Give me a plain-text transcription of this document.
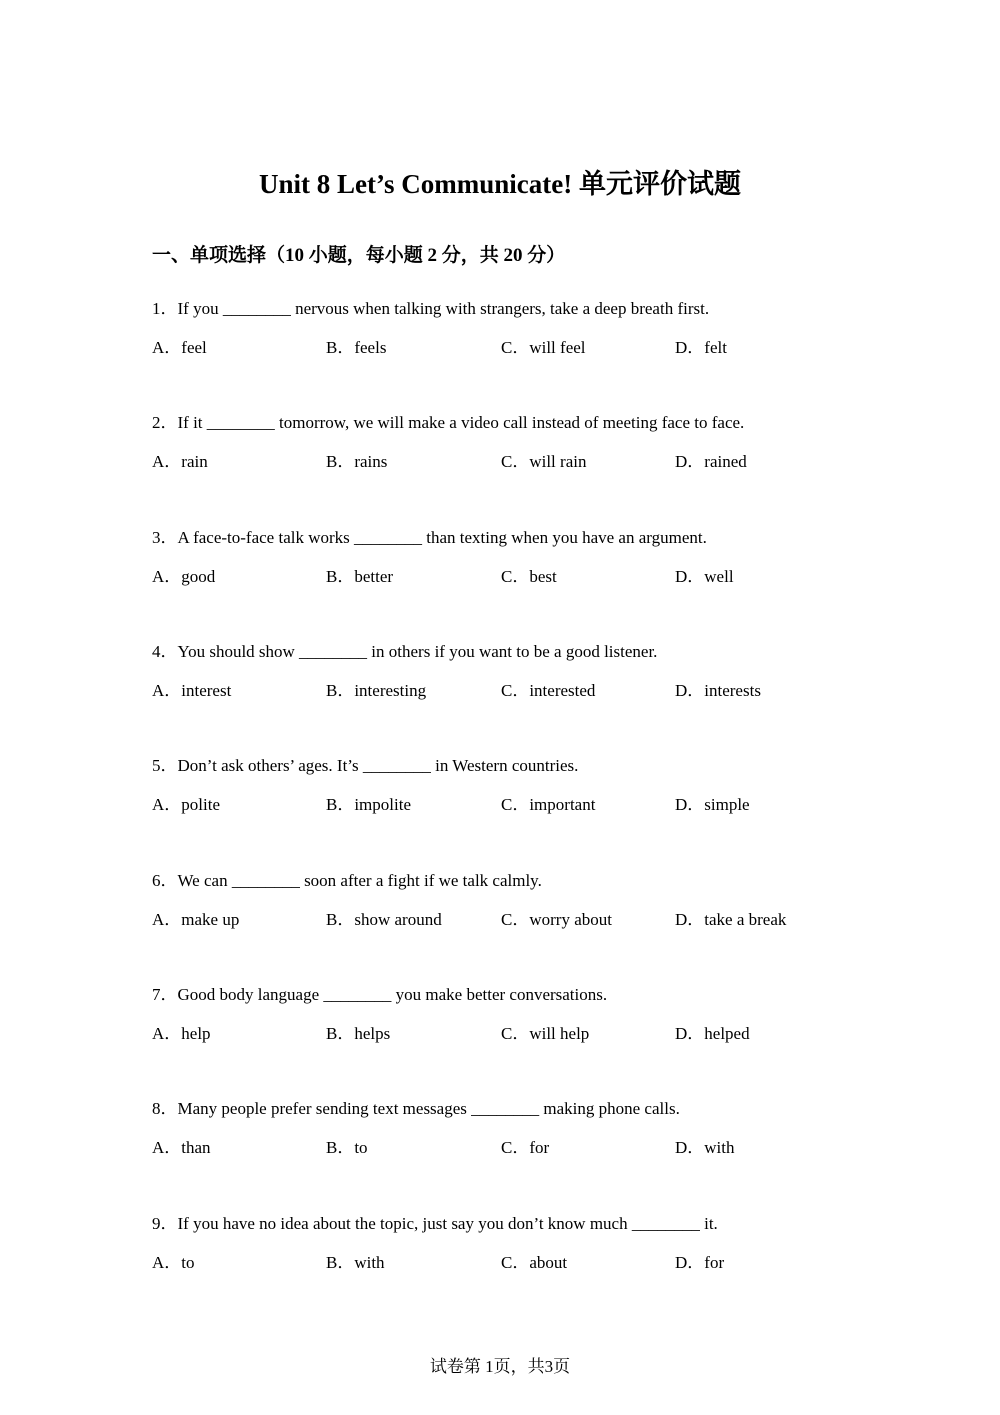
Unit 8 Let’s Communicate! 单元评价试题
一、单项选择（10 小题，每小题 2 分，共 20 分）
1．If you ________ nervous when talking with strangers, take a deep breath first.
A．feel	B．feels	C．will feel	D．felt
2．If it ________ tomorrow, we will make a video call instead of meeting face to face.
A．rain	B．rains	C．will rain	D．rained
3．A face-to-face talk works ________ than texting when you have an argument.
A．good	B．better	C．best	D．well
4．You should show ________ in others if you want to be a good listener.
A．interest	B．interesting	C．interested	D．interests
5．Don’t ask others’ ages. It’s ________ in Western countries.
A．polite	B．impolite	C．important	D．simple
6．We can ________ soon after a fight if we talk calmly.
A．make up	B．show around	C．worry about	D．take a break
7．Good body language ________ you make better conversations.
A．help	B．helps	C．will help	D．helped
8．Many people prefer sending text messages ________ making phone calls.
A．than	B．to	C．for	D．with
9．If you have no idea about the topic, just say you don’t know much ________ it.
A．to	B．with	C．about	D．for
试卷第 1页，共3页
